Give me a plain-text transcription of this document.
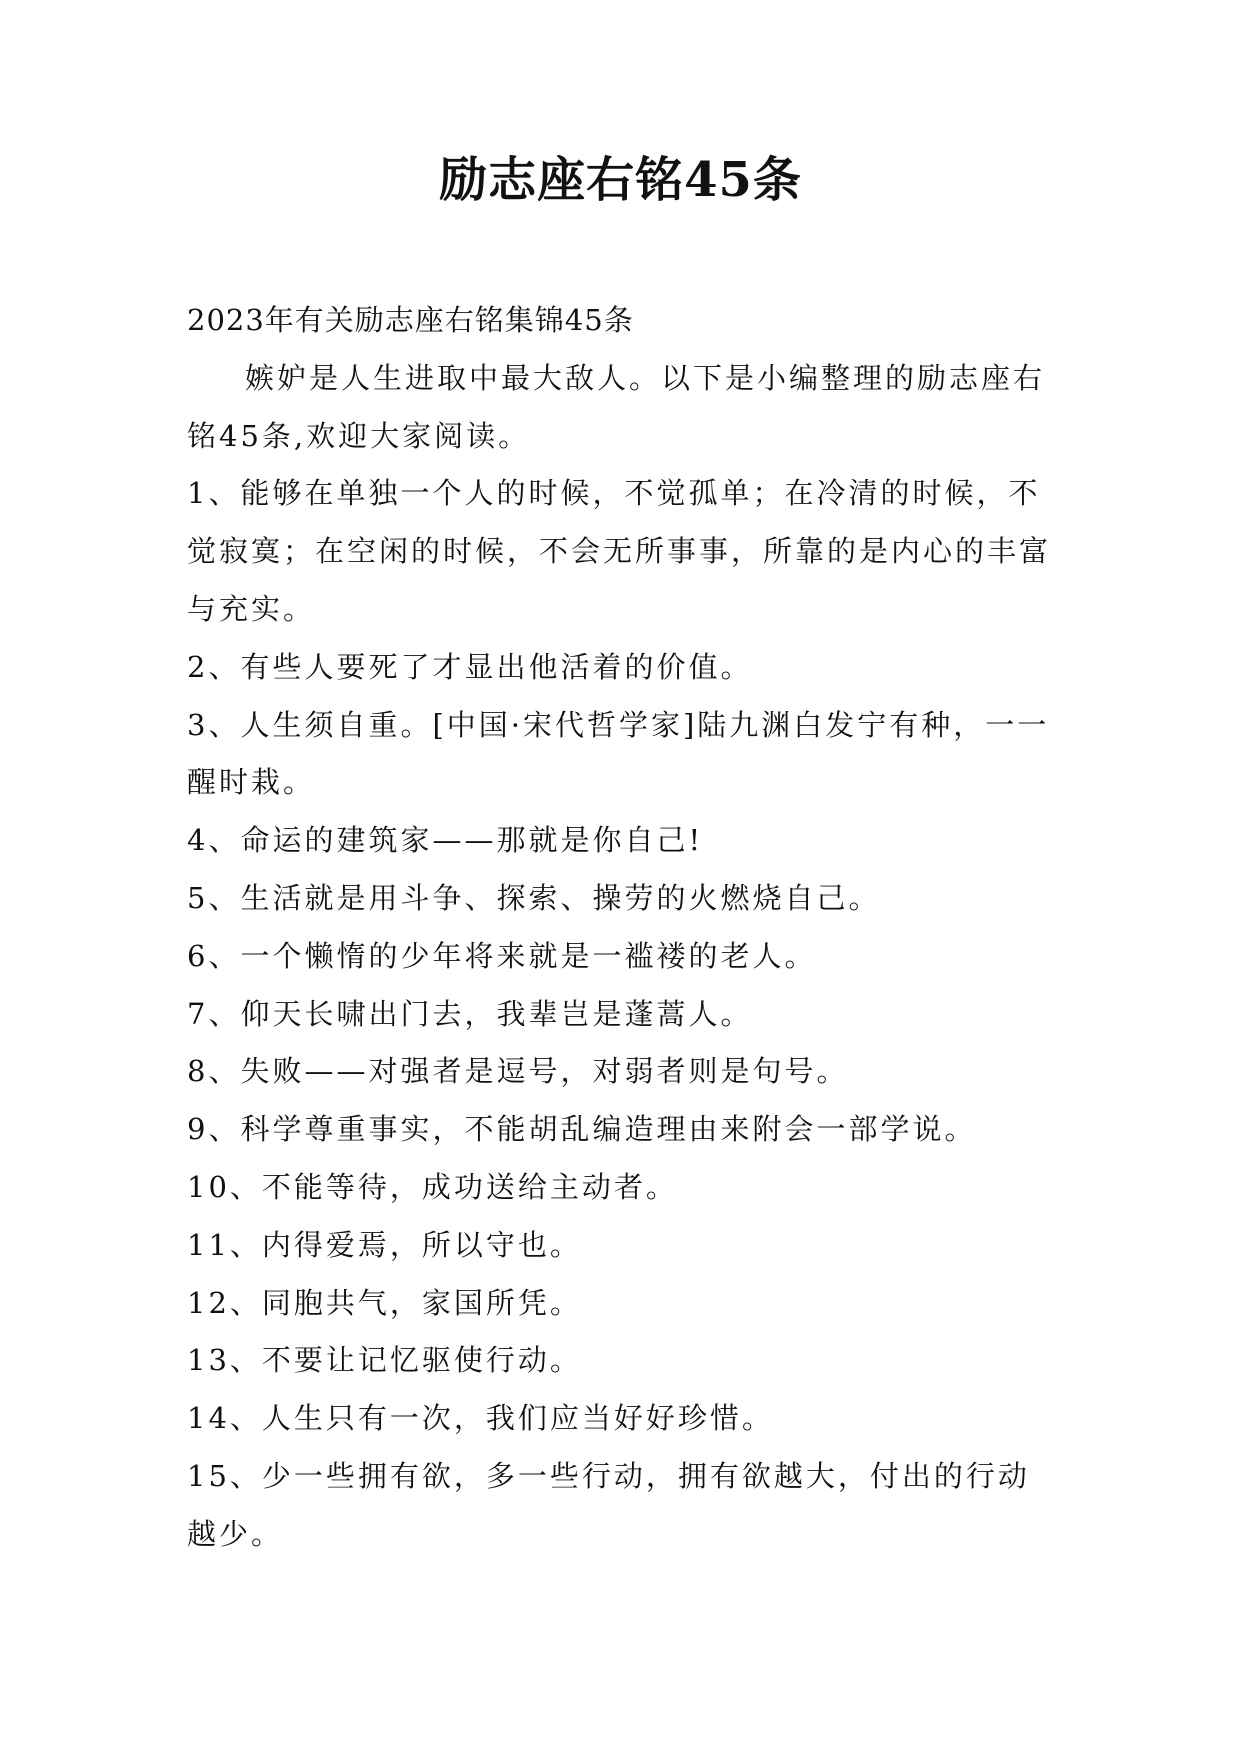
励志座右铭45条

2023年有关励志座右铭集锦45条

嫉妒是人生进取中最大敌人。以下是小编整理的励志座右铭45条,欢迎大家阅读。

1、能够在单独一个人的时候，不觉孤单；在冷清的时候，不觉寂寞；在空闲的时候，不会无所事事，所靠的是内心的丰富与充实。

2、有些人要死了才显出他活着的价值。

3、人生须自重。[中国·宋代哲学家]陆九渊白发宁有种，一一醒时栽。

4、命运的建筑家——那就是你自己!

5、生活就是用斗争、探索、操劳的火燃烧自己。

6、一个懒惰的少年将来就是一褴褛的老人。

7、仰天长啸出门去，我辈岂是蓬蒿人。

8、失败——对强者是逗号，对弱者则是句号。

9、科学尊重事实，不能胡乱编造理由来附会一部学说。

10、不能等待，成功送给主动者。

11、内得爱焉，所以守也。

12、同胞共气，家国所凭。

13、不要让记忆驱使行动。

14、人生只有一次，我们应当好好珍惜。

15、少一些拥有欲，多一些行动，拥有欲越大，付出的行动越少。
